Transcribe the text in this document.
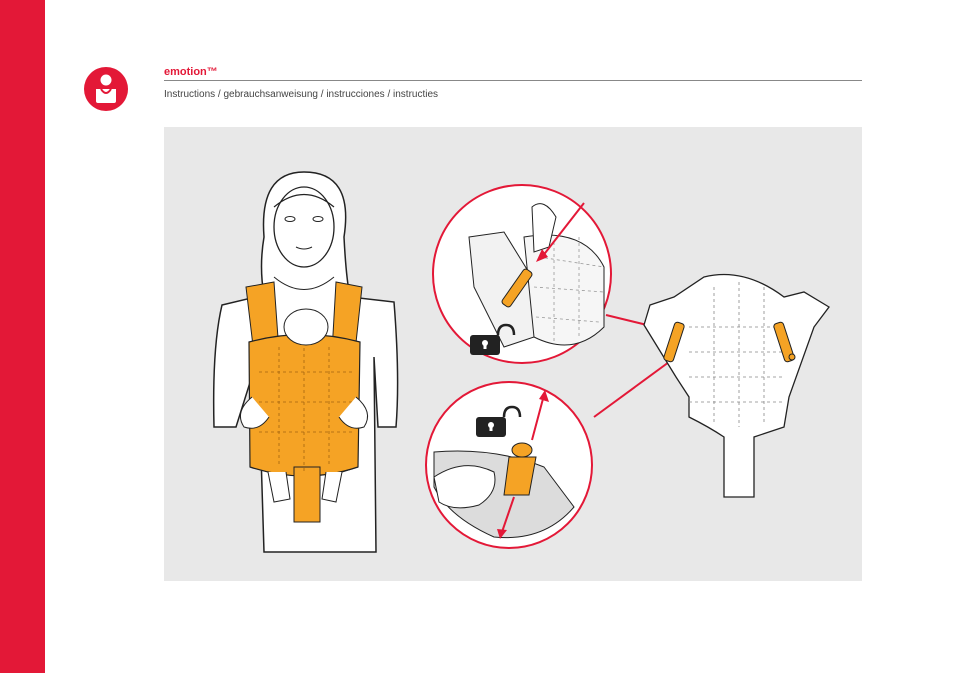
emotion™
Instructions / gebrauchsanweisung / instrucciones / instructies
